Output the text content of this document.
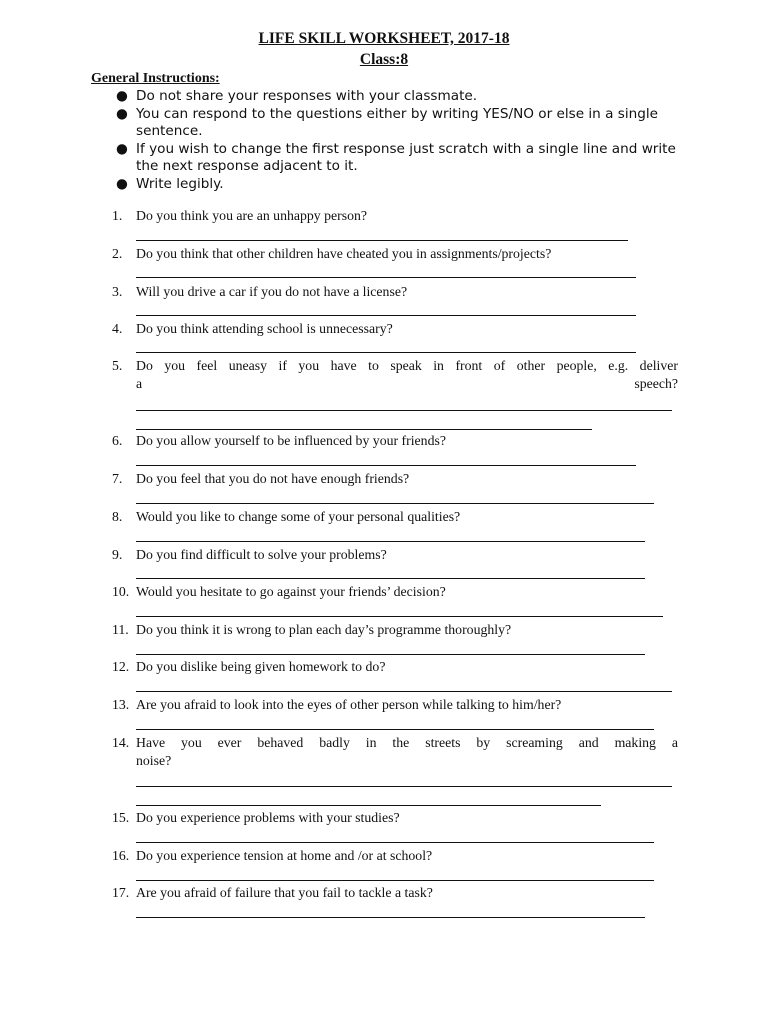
LIFE SKILL WORKSHEET, 2017-18
Class:8
General Instructions:
● Do not share your responses with your classmate.
● You can respond to the questions either by writing YES/NO or else in a single sentence.
● If you wish to change the first response just scratch with a single line and write the next response adjacent to it.
● Write legibly.
1. Do you think you are an unhappy person?
2. Do you think that other children have cheated you in assignments/projects?
3. Will you drive a car if you do not have a license?
4. Do you think attending school is unnecessary?
5. Do you feel uneasy if you have to speak in front of other people, e.g. deliver
a speech?
6. Do you allow yourself to be influenced by your friends?
7. Do you feel that you do not have enough friends?
8. Would you like to change some of your personal qualities?
9. Do you find difficult to solve your problems?
10. Would you hesitate to go against your friends’ decision?
11. Do you think it is wrong to plan each day’s programme thoroughly?
12. Do you dislike being given homework to do?
13. Are you afraid to look into the eyes of other person while talking to him/her?
14. Have you ever behaved badly in the streets by screaming and making a
noise?
15. Do you experience problems with your studies?
16. Do you experience tension at home and /or at school?
17. Are you afraid of failure that you fail to tackle a task?
